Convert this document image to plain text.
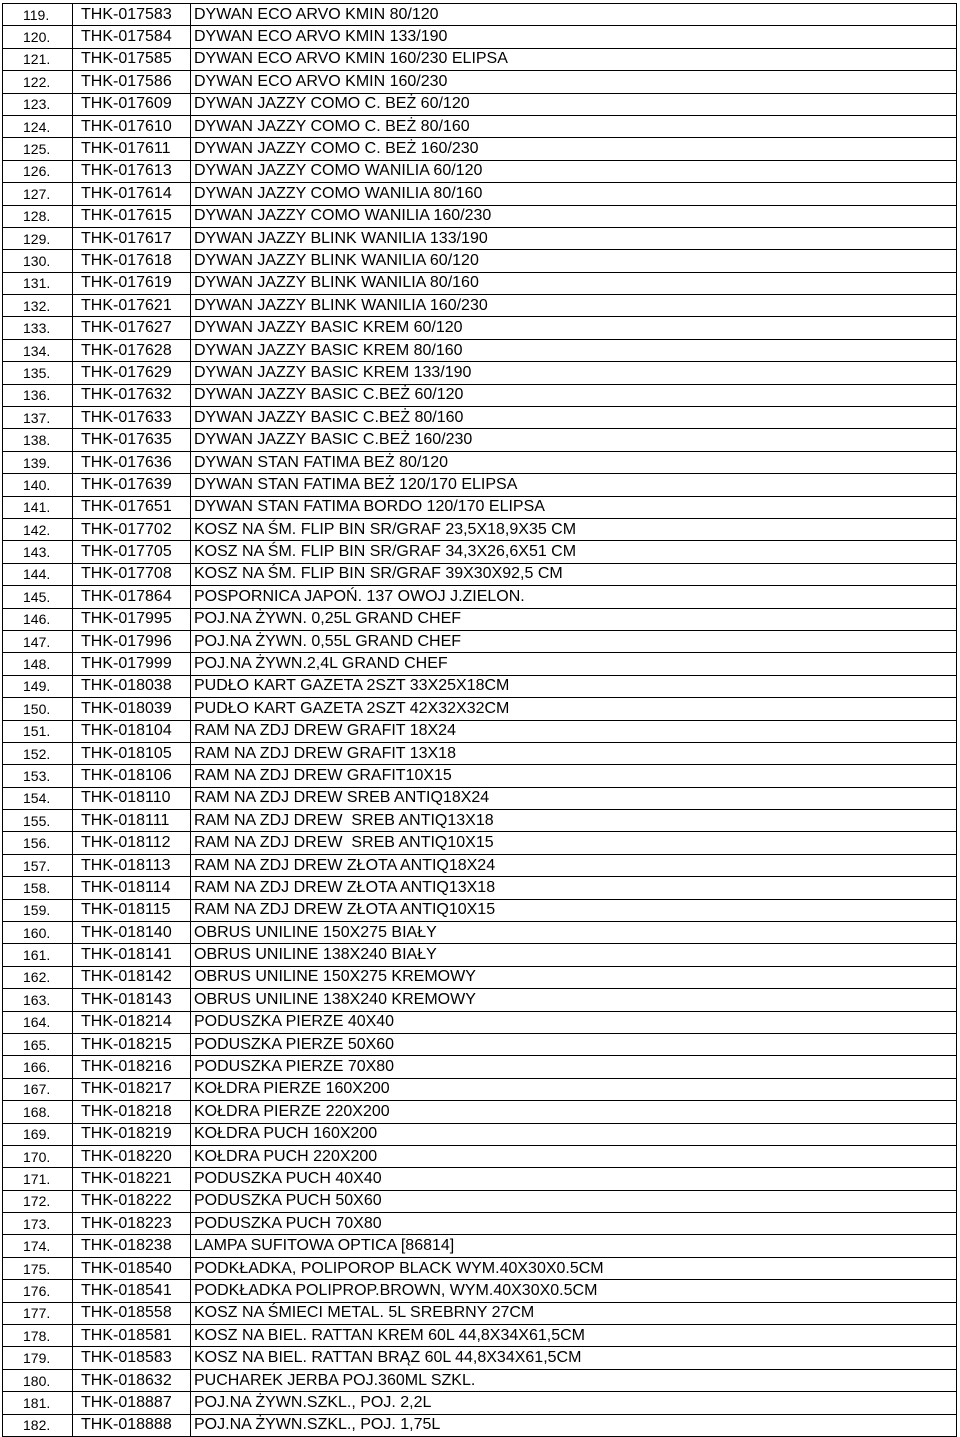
119.	THK-017583	DYWAN ECO ARVO KMIN 80/120
120.	THK-017584	DYWAN ECO ARVO KMIN 133/190
121.	THK-017585	DYWAN ECO ARVO KMIN 160/230 ELIPSA
122.	THK-017586	DYWAN ECO ARVO KMIN 160/230
123.	THK-017609	DYWAN JAZZY COMO C. BEŻ 60/120
124.	THK-017610	DYWAN JAZZY COMO C. BEŻ 80/160
125.	THK-017611	DYWAN JAZZY COMO C. BEŻ 160/230
126.	THK-017613	DYWAN JAZZY COMO WANILIA 60/120
127.	THK-017614	DYWAN JAZZY COMO WANILIA 80/160
128.	THK-017615	DYWAN JAZZY COMO WANILIA 160/230
129.	THK-017617	DYWAN JAZZY BLINK WANILIA 133/190
130.	THK-017618	DYWAN JAZZY BLINK WANILIA 60/120
131.	THK-017619	DYWAN JAZZY BLINK WANILIA 80/160
132.	THK-017621	DYWAN JAZZY BLINK WANILIA 160/230
133.	THK-017627	DYWAN JAZZY BASIC KREM 60/120
134.	THK-017628	DYWAN JAZZY BASIC KREM 80/160
135.	THK-017629	DYWAN JAZZY BASIC KREM 133/190
136.	THK-017632	DYWAN JAZZY BASIC C.BEŻ 60/120
137.	THK-017633	DYWAN JAZZY BASIC C.BEŻ 80/160
138.	THK-017635	DYWAN JAZZY BASIC C.BEŻ 160/230
139.	THK-017636	DYWAN STAN FATIMA BEŻ 80/120
140.	THK-017639	DYWAN STAN FATIMA BEŻ 120/170 ELIPSA
141.	THK-017651	DYWAN STAN FATIMA BORDO 120/170 ELIPSA
142.	THK-017702	KOSZ NA ŚM. FLIP BIN SR/GRAF 23,5X18,9X35 CM
143.	THK-017705	KOSZ NA ŚM. FLIP BIN SR/GRAF 34,3X26,6X51 CM
144.	THK-017708	KOSZ NA ŚM. FLIP BIN SR/GRAF 39X30X92,5 CM
145.	THK-017864	POSPORNICA JAPOŃ. 137 OWOJ J.ZIELON.
146.	THK-017995	POJ.NA ŻYWN. 0,25L GRAND CHEF
147.	THK-017996	POJ.NA ŻYWN. 0,55L GRAND CHEF
148.	THK-017999	POJ.NA ŻYWN.2,4L GRAND CHEF
149.	THK-018038	PUDŁO KART GAZETA 2SZT 33X25X18CM
150.	THK-018039	PUDŁO KART GAZETA 2SZT 42X32X32CM
151.	THK-018104	RAM NA ZDJ DREW GRAFIT 18X24
152.	THK-018105	RAM NA ZDJ DREW GRAFIT 13X18
153.	THK-018106	RAM NA ZDJ DREW GRAFIT10X15
154.	THK-018110	RAM NA ZDJ DREW SREB ANTIQ18X24
155.	THK-018111	RAM NA ZDJ DREW  SREB ANTIQ13X18
156.	THK-018112	RAM NA ZDJ DREW  SREB ANTIQ10X15
157.	THK-018113	RAM NA ZDJ DREW ZŁOTA ANTIQ18X24
158.	THK-018114	RAM NA ZDJ DREW ZŁOTA ANTIQ13X18
159.	THK-018115	RAM NA ZDJ DREW ZŁOTA ANTIQ10X15
160.	THK-018140	OBRUS UNILINE 150X275 BIAŁY
161.	THK-018141	OBRUS UNILINE 138X240 BIAŁY
162.	THK-018142	OBRUS UNILINE 150X275 KREMOWY
163.	THK-018143	OBRUS UNILINE 138X240 KREMOWY
164.	THK-018214	PODUSZKA PIERZE 40X40
165.	THK-018215	PODUSZKA PIERZE 50X60
166.	THK-018216	PODUSZKA PIERZE 70X80
167.	THK-018217	KOŁDRA PIERZE 160X200
168.	THK-018218	KOŁDRA PIERZE 220X200
169.	THK-018219	KOŁDRA PUCH 160X200
170.	THK-018220	KOŁDRA PUCH 220X200
171.	THK-018221	PODUSZKA PUCH 40X40
172.	THK-018222	PODUSZKA PUCH 50X60
173.	THK-018223	PODUSZKA PUCH 70X80
174.	THK-018238	LAMPA SUFITOWA OPTICA [86814]
175.	THK-018540	PODKŁADKA, POLIPOROP BLACK WYM.40X30X0.5CM
176.	THK-018541	PODKŁADKA POLIPROP.BROWN, WYM.40X30X0.5CM
177.	THK-018558	KOSZ NA ŚMIECI METAL. 5L SREBRNY 27CM
178.	THK-018581	KOSZ NA BIEL. RATTAN KREM 60L 44,8X34X61,5CM
179.	THK-018583	KOSZ NA BIEL. RATTAN BRĄZ 60L 44,8X34X61,5CM
180.	THK-018632	PUCHAREK JERBA POJ.360ML SZKL.
181.	THK-018887	POJ.NA ŻYWN.SZKL., POJ. 2,2L
182.	THK-018888	POJ.NA ŻYWN.SZKL., POJ. 1,75L
